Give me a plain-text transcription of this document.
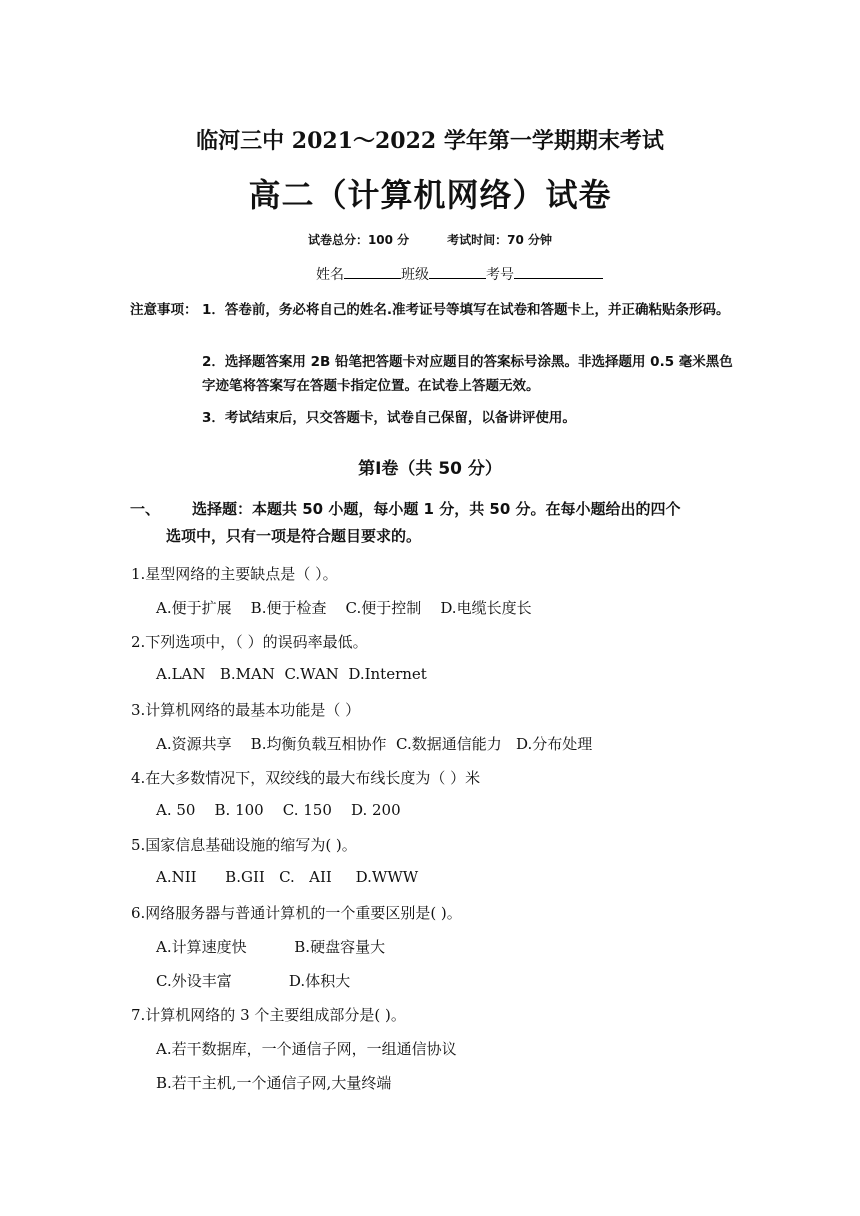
临河三中 2021～2022 学年第一学期期末考试
高二（计算机网络）试卷
试卷总分：100 分	考试时间：70 分钟
姓名	班级	考号
注意事项： 1．答卷前，务必将自己的姓名.准考证号等填写在试卷和答题卡上，并正确粘贴条形码。
2．选择题答案用 2B 铅笔把答题卡对应题目的答案标号涂黑。非选择题用 0.5 毫米黑色字迹笔将答案写在答题卡指定位置。在试卷上答题无效。
3．考试结束后，只交答题卡，试卷自己保留，以备讲评使用。
第Ⅰ卷（共 50 分）
一、 选择题：本题共 50 小题，每小题 1 分，共 50 分。在每小题给出的四个
选项中，只有一项是符合题目要求的。
1.星型网络的主要缺点是（ ）。
A.便于扩展    B.便于检查    C.便于控制    D.电缆长度长
2.下列选项中，（ ）的误码率最低。
A.LAN   B.MAN  C.WAN  D.Internet
3.计算机网络的最基本功能是（ ）
A.资源共享    B.均衡负载互相协作  C.数据通信能力   D.分布处理
4.在大多数情况下，双绞线的最大布线长度为（ ）米
A. 50    B. 100    C. 150    D. 200
5.国家信息基础设施的缩写为( )。
A.NII      B.GII   C.   AII     D.WWW
6.网络服务器与普通计算机的一个重要区别是( )。
A.计算速度快          B.硬盘容量大
C.外设丰富            D.体积大
7.计算机网络的 3 个主要组成部分是( )。
A.若干数据库，一个通信子网，一组通信协议
B.若干主机,一个通信子网,大量终端
